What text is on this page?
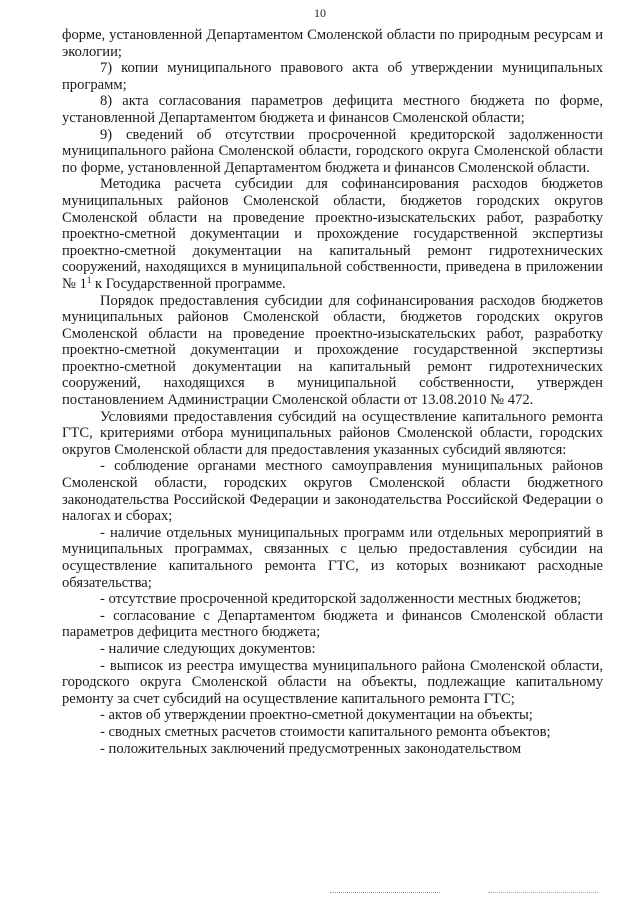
10

форме, установленной Департаментом Смоленской области по природным ресурсам и экологии;

7) копии муниципального правового акта об утверждении муниципальных программ;

8) акта согласования параметров дефицита местного бюджета по форме, установленной Департаментом бюджета и финансов Смоленской области;

9) сведений об отсутствии просроченной кредиторской задолженности муниципального района Смоленской области, городского округа Смоленской области по форме, установленной Департаментом бюджета и финансов Смоленской области.

Методика расчета субсидии для софинансирования расходов бюджетов муниципальных районов Смоленской области, бюджетов городских округов Смоленской области на проведение проектно-изыскательских работ, разработку проектно-сметной документации и прохождение государственной экспертизы проектно-сметной документации на капитальный ремонт гидротехнических сооружений, находящихся в муниципальной собственности, приведена в приложении № $1^1$ к Государственной программе.

Порядок предоставления субсидии для софинансирования расходов бюджетов муниципальных районов Смоленской области, бюджетов городских округов Смоленской области на проведение проектно-изыскательских работ, разработку проектно-сметной документации и прохождение государственной экспертизы проектно-сметной документации на капитальный ремонт гидротехнических сооружений, находящихся в муниципальной собственности, утвержден постановлением Администрации Смоленской области от 13.08.2010 № 472.

Условиями предоставления субсидий на осуществление капитального ремонта ГТС, критериями отбора муниципальных районов Смоленской области, городских округов Смоленской области для предоставления указанных субсидий являются:

- соблюдение органами местного самоуправления муниципальных районов Смоленской области, городских округов Смоленской области бюджетного законодательства Российской Федерации и законодательства Российской Федерации о налогах и сборах;

- наличие отдельных муниципальных программ или отдельных мероприятий в муниципальных программах, связанных с целью предоставления субсидии на осуществление капитального ремонта ГТС, из которых возникают расходные обязательства;

- отсутствие просроченной кредиторской задолженности местных бюджетов;

- согласование с Департаментом бюджета и финансов Смоленской области параметров дефицита местного бюджета;

- наличие следующих документов:

- выписок из реестра имущества муниципального района Смоленской области, городского округа Смоленской области на объекты, подлежащие капитальному ремонту за счет субсидий на осуществление капитального ремонта ГТС;

- актов об утверждении проектно-сметной документации на объекты;

- сводных сметных расчетов стоимости капитального ремонта объектов;

- положительных заключений предусмотренных законодательством
